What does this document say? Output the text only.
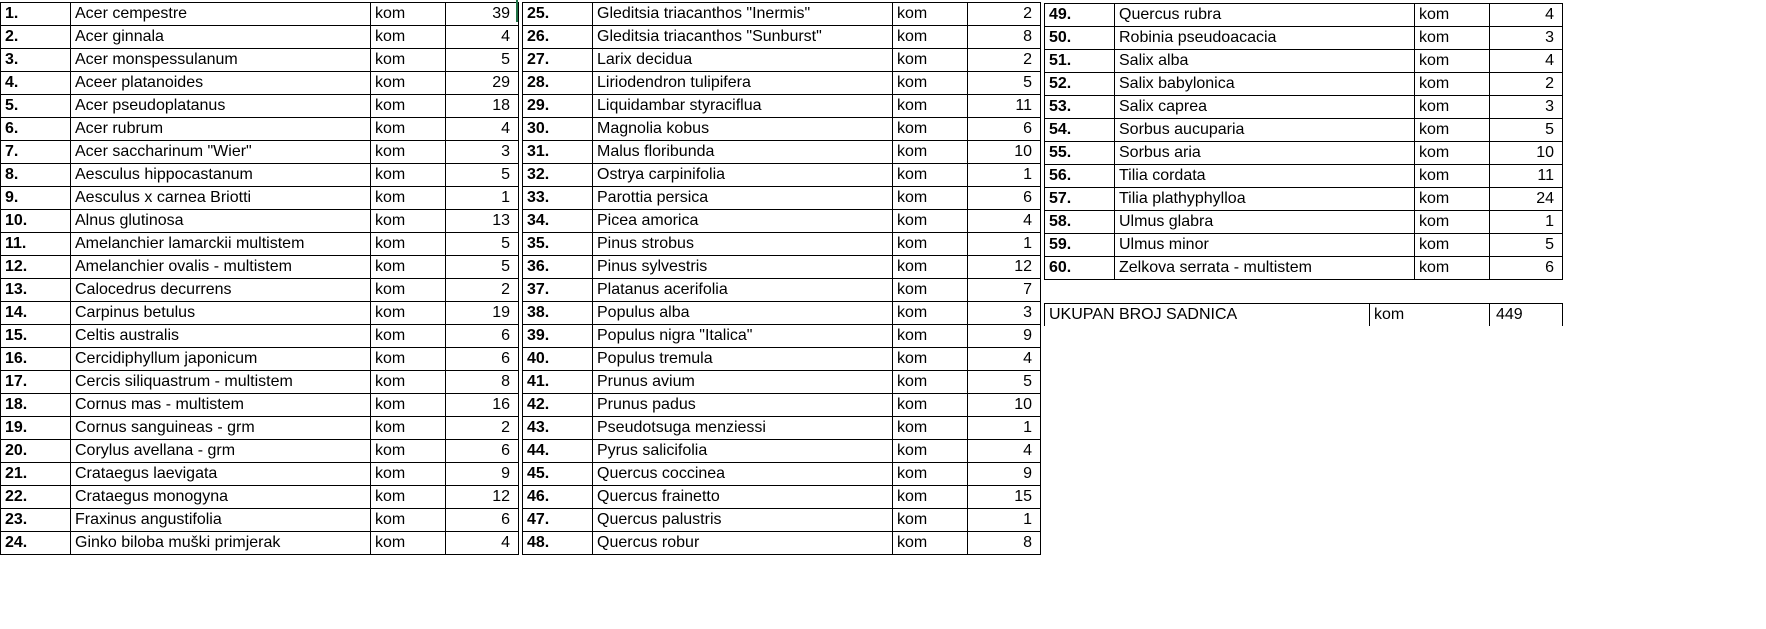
1.	Acer cempestre	kom	39
2.	Acer ginnala	kom	4
3.	Acer monspessulanum	kom	5
4.	Aceer platanoides	kom	29
5.	Acer pseudoplatanus	kom	18
6.	Acer rubrum	kom	4
7.	Acer saccharinum "Wier"	kom	3
8.	Aesculus hippocastanum	kom	5
9.	Aesculus x carnea Briotti	kom	1
10.	Alnus glutinosa	kom	13
11.	Amelanchier lamarckii multistem	kom	5
12.	Amelanchier ovalis - multistem	kom	5
13.	Calocedrus decurrens	kom	2
14.	Carpinus betulus	kom	19
15.	Celtis australis	kom	6
16.	Cercidiphyllum japonicum	kom	6
17.	Cercis siliquastrum - multistem	kom	8
18.	Cornus mas - multistem	kom	16
19.	Cornus sanguineas - grm	kom	2
20.	Corylus avellana - grm	kom	6
21.	Crataegus laevigata	kom	9
22.	Crataegus monogyna	kom	12
23.	Fraxinus angustifolia	kom	6
24.	Ginko biloba muški primjerak	kom	4
25.	Gleditsia triacanthos "Inermis"	kom	2
26.	Gleditsia triacanthos "Sunburst"	kom	8
27.	Larix decidua	kom	2
28.	Liriodendron tulipifera	kom	5
29.	Liquidambar styraciflua	kom	11
30.	Magnolia kobus	kom	6
31.	Malus floribunda	kom	10
32.	Ostrya carpinifolia	kom	1
33.	Parottia persica	kom	6
34.	Picea amorica	kom	4
35.	Pinus strobus	kom	1
36.	Pinus sylvestris	kom	12
37.	Platanus acerifolia	kom	7
38.	Populus alba	kom	3
39.	Populus nigra "Italica"	kom	9
40.	Populus tremula	kom	4
41.	Prunus avium	kom	5
42.	Prunus padus	kom	10
43.	Pseudotsuga menziessi	kom	1
44.	Pyrus salicifolia	kom	4
45.	Quercus coccinea	kom	9
46.	Quercus frainetto	kom	15
47.	Quercus palustris	kom	1
48.	Quercus robur	kom	8
49.	Quercus rubra	kom	4
50.	Robinia pseudoacacia	kom	3
51.	Salix alba	kom	4
52.	Salix babylonica	kom	2
53.	Salix caprea	kom	3
54.	Sorbus aucuparia	kom	5
55.	Sorbus aria	kom	10
56.	Tilia cordata	kom	11
57.	Tilia plathyphylloa	kom	24
58.	Ulmus glabra	kom	1
59.	Ulmus minor	kom	5
60.	Zelkova serrata - multistem	kom	6
UKUPAN BROJ SADNICA	kom	449
